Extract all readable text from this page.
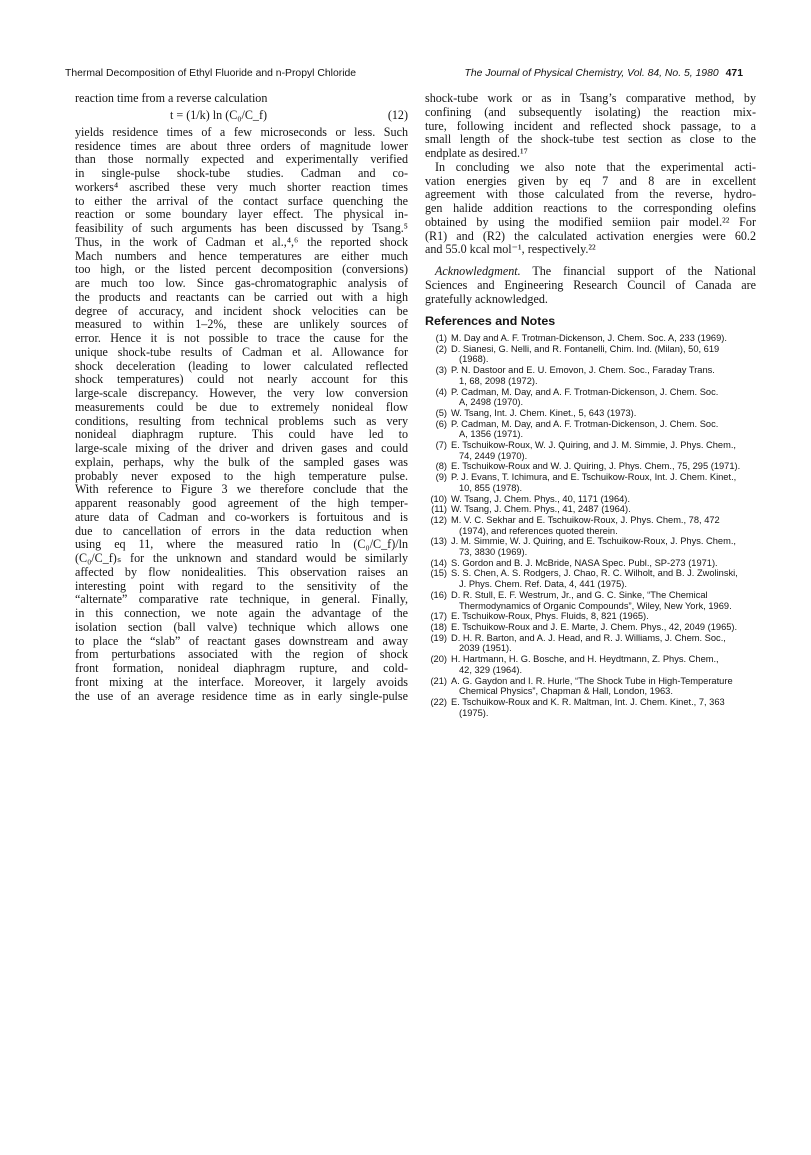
Thermal Decomposition of Ethyl Fluoride and n-Propyl Chloride	The Journal of Physical Chemistry, Vol. 84, No. 5, 1980 471
reaction time from a reverse calculation
t = (1/k) ln (C₀/C_f)	(12)
yields residence times of a few microseconds or less. Such
residence times are about three orders of magnitude lower
than those normally expected and experimentally verified
in single-pulse shock-tube studies. Cadman and co-
workers⁴ ascribed these very much shorter reaction times
to either the arrival of the contact surface quenching the
reaction or some boundary layer effect. The physical in-
feasibility of such arguments has been discussed by Tsang.⁵
Thus, in the work of Cadman et al.,⁴,⁶ the reported shock
Mach numbers and hence temperatures are either much
too high, or the listed percent decomposition (conversions)
are much too low. Since gas-chromatographic analysis of
the products and reactants can be carried out with a high
degree of accuracy, and incident shock velocities can be
measured to within 1–2%, these are unlikely sources of
error. Hence it is not possible to trace the cause for the
unique shock-tube results of Cadman et al. Allowance for
shock deceleration (leading to lower calculated reflected
shock temperatures) could not nearly account for this
large-scale discrepancy. However, the very low conversion
measurements could be due to extremely nonideal flow
conditions, resulting from technical problems such as very
nonideal diaphragm rupture. This could have led to
large-scale mixing of the driver and driven gases and could
explain, perhaps, why the bulk of the sampled gases was
probably never exposed to the high temperature pulse.
With reference to Figure 3 we therefore conclude that the
apparent reasonably good agreement of the high temper-
ature data of Cadman and co-workers is fortuitous and is
due to cancellation of errors in the data reduction when
using eq 11, where the measured ratio ln (C₀/C_f)/ln
(C₀/C_f)ₛ for the unknown and standard would be similarly
affected by flow nonidealities. This observation raises an
interesting point with regard to the sensitivity of the
“alternate” comparative rate technique, in general. Finally,
in this connection, we note again the advantage of the
isolation section (ball valve) technique which allows one
to place the “slab” of reactant gases downstream and away
from perturbations associated with the region of shock
front formation, nonideal diaphragm rupture, and cold-
front mixing at the interface. Moreover, it largely avoids
the use of an average residence time as in early single-pulse
shock-tube work or as in Tsang’s comparative method, by
confining (and subsequently isolating) the reaction mix-
ture, following incident and reflected shock passage, to a
small length of the shock-tube test section as close to the
endplate as desired.¹⁷
In concluding we also note that the experimental acti-
vation energies given by eq 7 and 8 are in excellent
agreement with those calculated from the reverse, hydro-
gen halide addition reactions to the corresponding olefins
obtained by using the modified semiion pair model.²² For
(R1) and (R2) the calculated activation energies were 60.2
and 55.0 kcal mol⁻¹, respectively.²²
Acknowledgment. The financial support of the National
Sciences and Engineering Research Council of Canada are
gratefully acknowledged.
References and Notes
(1) M. Day and A. F. Trotman-Dickenson, J. Chem. Soc. A, 233 (1969).
(2) D. Sianesi, G. Nelli, and R. Fontanelli, Chim. Ind. (Milan), 50, 619
(1968).
(3) P. N. Dastoor and E. U. Emovon, J. Chem. Soc., Faraday Trans.
1, 68, 2098 (1972).
(4) P. Cadman, M. Day, and A. F. Trotman-Dickenson, J. Chem. Soc.
A, 2498 (1970).
(5) W. Tsang, Int. J. Chem. Kinet., 5, 643 (1973).
(6) P. Cadman, M. Day, and A. F. Trotman-Dickenson, J. Chem. Soc.
A, 1356 (1971).
(7) E. Tschuikow-Roux, W. J. Quiring, and J. M. Simmie, J. Phys. Chem.,
74, 2449 (1970).
(8) E. Tschuikow-Roux and W. J. Quiring, J. Phys. Chem., 75, 295 (1971).
(9) P. J. Evans, T. Ichimura, and E. Tschuikow-Roux, Int. J. Chem. Kinet.,
10, 855 (1978).
(10) W. Tsang, J. Chem. Phys., 40, 1171 (1964).
(11) W. Tsang, J. Chem. Phys., 41, 2487 (1964).
(12) M. V. C. Sekhar and E. Tschuikow-Roux, J. Phys. Chem., 78, 472
(1974), and references quoted therein.
(13) J. M. Simmie, W. J. Quiring, and E. Tschuikow-Roux, J. Phys. Chem.,
73, 3830 (1969).
(14) S. Gordon and B. J. McBride, NASA Spec. Publ., SP-273 (1971).
(15) S. S. Chen, A. S. Rodgers, J. Chao, R. C. Wilholt, and B. J. Zwolinski,
J. Phys. Chem. Ref. Data, 4, 441 (1975).
(16) D. R. Stull, E. F. Westrum, Jr., and G. C. Sinke, “The Chemical
Thermodynamics of Organic Compounds”, Wiley, New York, 1969.
(17) E. Tschuikow-Roux, Phys. Fluids, 8, 821 (1965).
(18) E. Tschuikow-Roux and J. E. Marte, J. Chem. Phys., 42, 2049 (1965).
(19) D. H. R. Barton, and A. J. Head, and R. J. Williams, J. Chem. Soc.,
2039 (1951).
(20) H. Hartmann, H. G. Bosche, and H. Heydtmann, Z. Phys. Chem.,
42, 329 (1964).
(21) A. G. Gaydon and I. R. Hurle, “The Shock Tube in High-Temperature
Chemical Physics”, Chapman & Hall, London, 1963.
(22) E. Tschuikow-Roux and K. R. Maltman, Int. J. Chem. Kinet., 7, 363
(1975).
